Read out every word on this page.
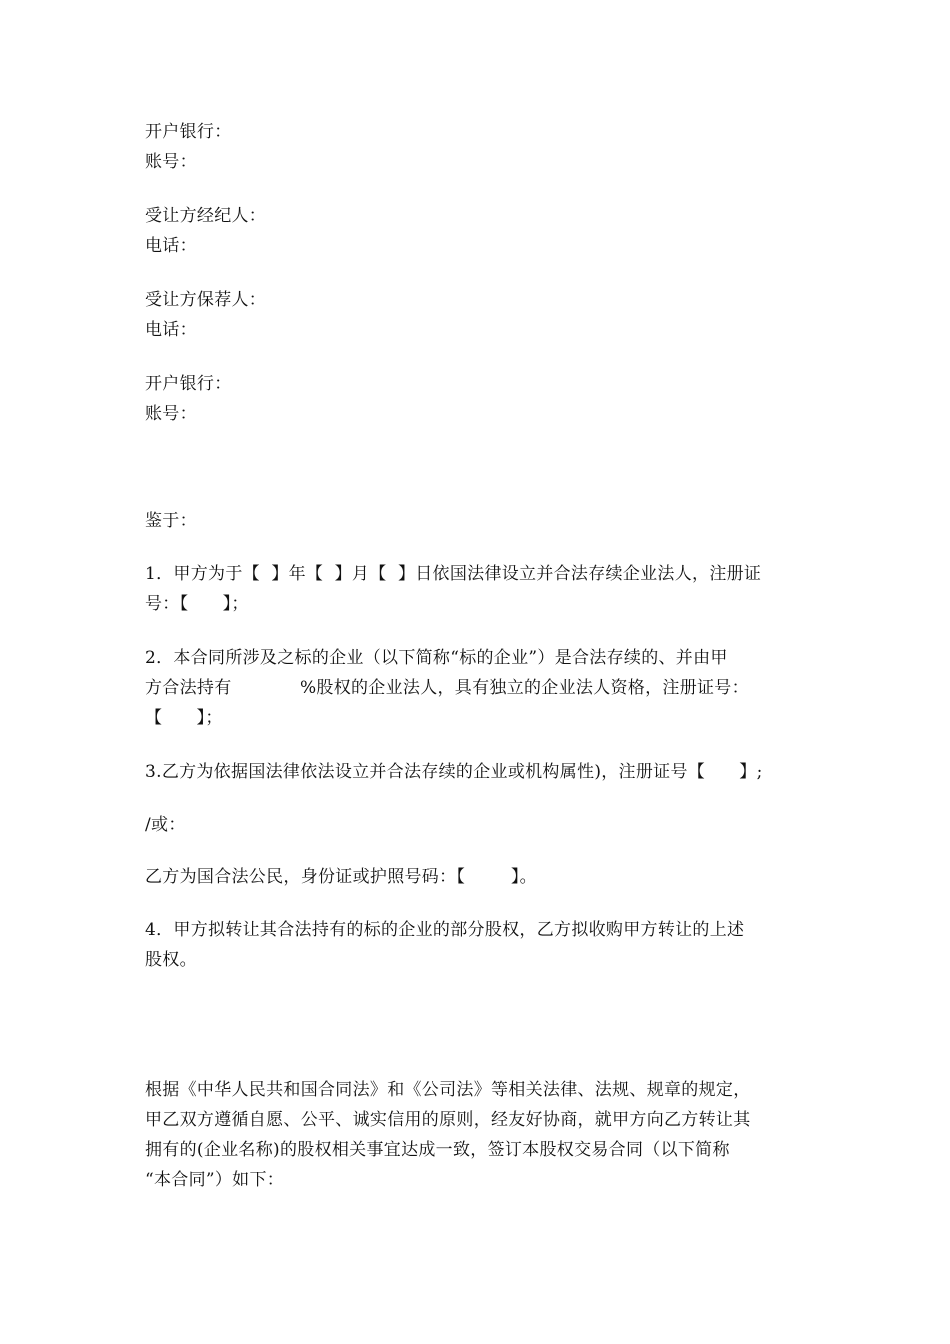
开户银行：
账号：
受让方经纪人：
电话：
受让方保荐人：
电话：
开户银行：
账号：
鉴于：
1．甲方为于【  】年【  】月【  】日依国法律设立并合法存续企业法人，注册证
号：【      】；
2．本合同所涉及之标的企业（以下简称“标的企业”）是合法存续的、并由甲
方合法持有            %股权的企业法人，具有独立的企业法人资格，注册证号：
【      】；
3.乙方为依据国法律依法设立并合法存续的企业或机构属性)，注册证号【      】;
/或：
乙方为国合法公民，身份证或护照号码：【        】。
4．甲方拟转让其合法持有的标的企业的部分股权，乙方拟收购甲方转让的上述
股权。
根据《中华人民共和国合同法》和《公司法》等相关法律、法规、规章的规定，
甲乙双方遵循自愿、公平、诚实信用的原则，经友好协商，就甲方向乙方转让其
拥有的(企业名称)的股权相关事宜达成一致，签订本股权交易合同（以下简称
“本合同”）如下：
